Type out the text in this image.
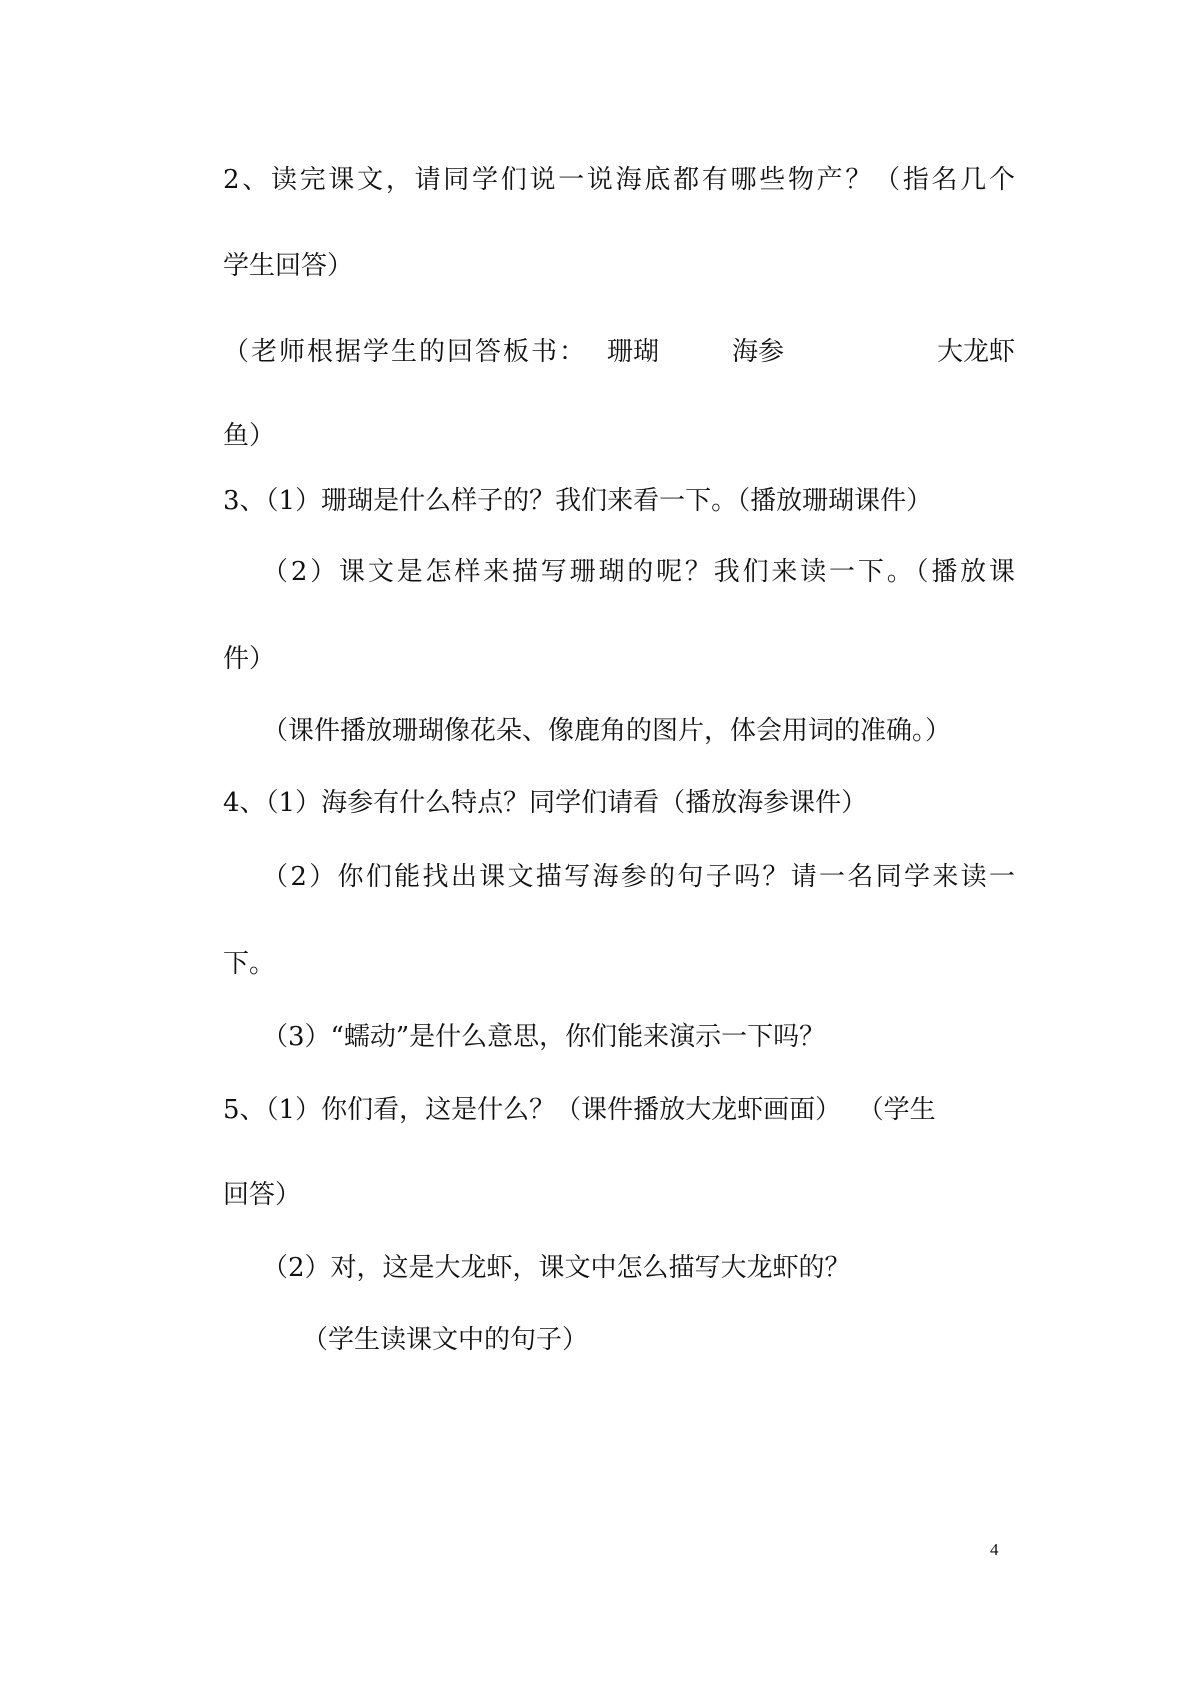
2、读完课文，请同学们说一说海底都有哪些物产？（指名几个
学生回答）
（老师根据学生的回答板书： 珊瑚	海参	大龙虾
鱼）
3、（1）珊瑚是什么样子的？我们来看一下。（播放珊瑚课件）
（2）课文是怎样来描写珊瑚的呢？我们来读一下。（播放课
件）
（课件播放珊瑚像花朵、像鹿角的图片，体会用词的准确。）
4、（1）海参有什么特点？同学们请看（播放海参课件）
（2）你们能找出课文描写海参的句子吗？请一名同学来读一
下。
（3）“蠕动”是什么意思，你们能来演示一下吗？
5、（1）你们看，这是什么？（课件播放大龙虾画面）  （学生
回答）
（2）对，这是大龙虾，课文中怎么描写大龙虾的？
（学生读课文中的句子）
4
